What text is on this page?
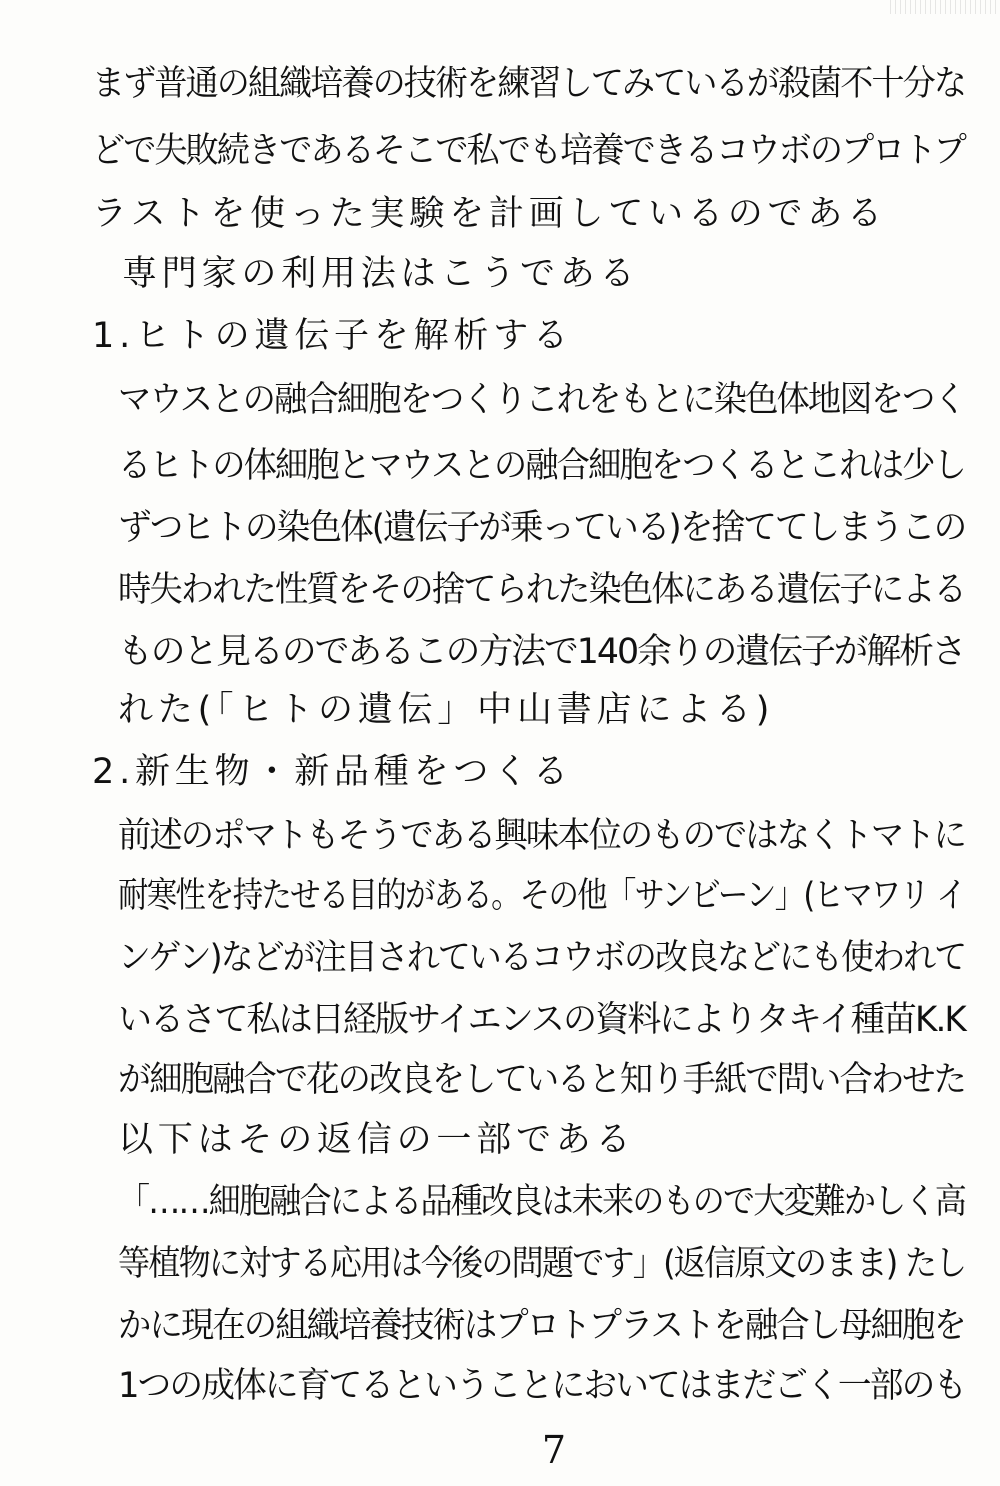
まず普通の組織培養の技術を練習してみているが殺菌不十分な
どで失敗続きであるそこで私でも培養できるコウボのプロトプ
ラストを使った実験を計画しているのである
専門家の利用法はこうである
1.ヒトの遺伝子を解析する
マウスとの融合細胞をつくりこれをもとに染色体地図をつく
るヒトの体細胞とマウスとの融合細胞をつくるとこれは少し
ずつヒトの染色体(遺伝子が乗っている)を捨ててしまうこの
時失われた性質をその捨てられた染色体にある遺伝子による
ものと見るのであるこの方法で140余りの遺伝子が解析さ
れた(「ヒトの遺伝」中山書店による)
2.新生物・新品種をつくる
前述のポマトもそうである興味本位のものではなくトマトに
耐寒性を持たせる目的がある。その他「サンビーン」(ヒマワリ イ
ンゲン)などが注目されているコウボの改良などにも使われて
いるさて私は日経版サイエンスの資料によりタキイ種苗K.K
が細胞融合で花の改良をしていると知り手紙で問い合わせた
以下はその返信の一部である
「……細胞融合による品種改良は未来のもので大変難かしく高
等植物に対する応用は今後の問題です」(返信原文のまま) たし
かに現在の組織培養技術はプロトプラストを融合し母細胞を
1つの成体に育てるということにおいてはまだごく一部のも
7
